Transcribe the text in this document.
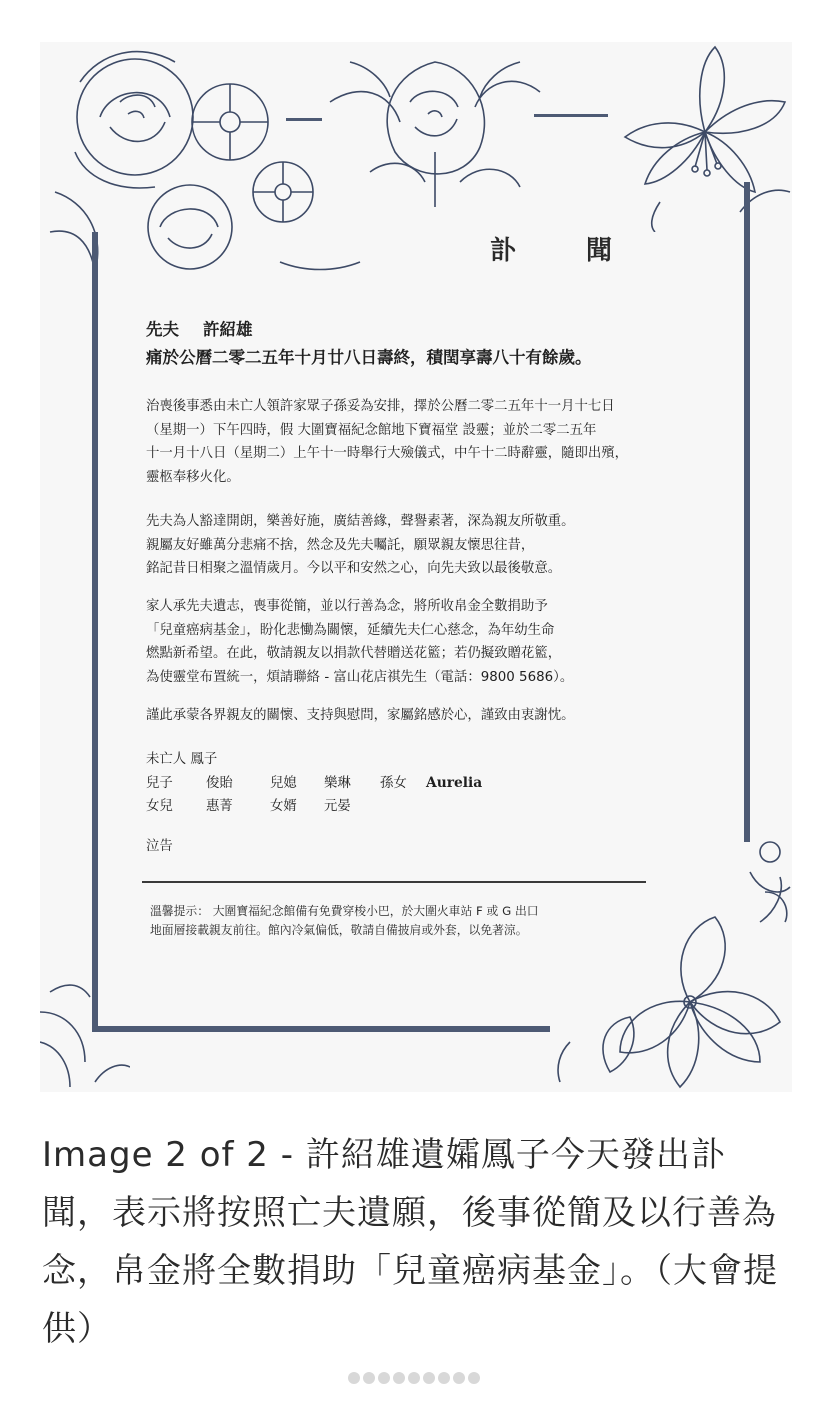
訃　聞
先夫 許紹雄
痛於公曆二零二五年十月廿八日壽終，積閏享壽八十有餘歲。
治喪後事悉由未亡人領許家眾子孫妥為安排，擇於公曆二零二五年十一月十七日
（星期一）下午四時，假 大圍寶福紀念館地下寶福堂 設靈；並於二零二五年
十一月十八日（星期二）上午十一時舉行大殮儀式，中午十二時辭靈，隨即出殯，
靈柩奉移火化。
先夫為人豁達開朗，樂善好施，廣結善緣，聲譽素著，深為親友所敬重。
親屬友好雖萬分悲痛不捨，然念及先夫囑託，願眾親友懷思往昔，
銘記昔日相聚之溫情歲月。今以平和安然之心，向先夫致以最後敬意。
家人承先夫遺志，喪事從簡，並以行善為念，將所收帛金全數捐助予
「兒童癌病基金」，盼化悲慟為關懷，延續先夫仁心慈念，為年幼生命
燃點新希望。在此，敬請親友以捐款代替贈送花籃；若仍擬致贈花籃，
為使靈堂布置統一，煩請聯絡 - 富山花店祺先生（電話：9800 5686）。
謹此承蒙各界親友的關懷、支持與慰問，家屬銘感於心，謹致由衷謝忱。
未亡人 鳳子
兒子 俊貽	兒媳 樂琳 孫女 Aurelia
女兒 惠菁	女婿 元晏
泣告
溫馨提示： 大圍寶福紀念館備有免費穿梭小巴，於大圍火車站 F 或 G 出口
地面層接載親友前往。館內冷氣偏低，敬請自備披肩或外套，以免著涼。
Image 2 of 2 - 許紹雄遺孀鳳子今天發出訃聞，表示將按照亡夫遺願，後事從簡及以行善為念，帛金將全數捐助「兒童癌病基金」。（大會提供）
